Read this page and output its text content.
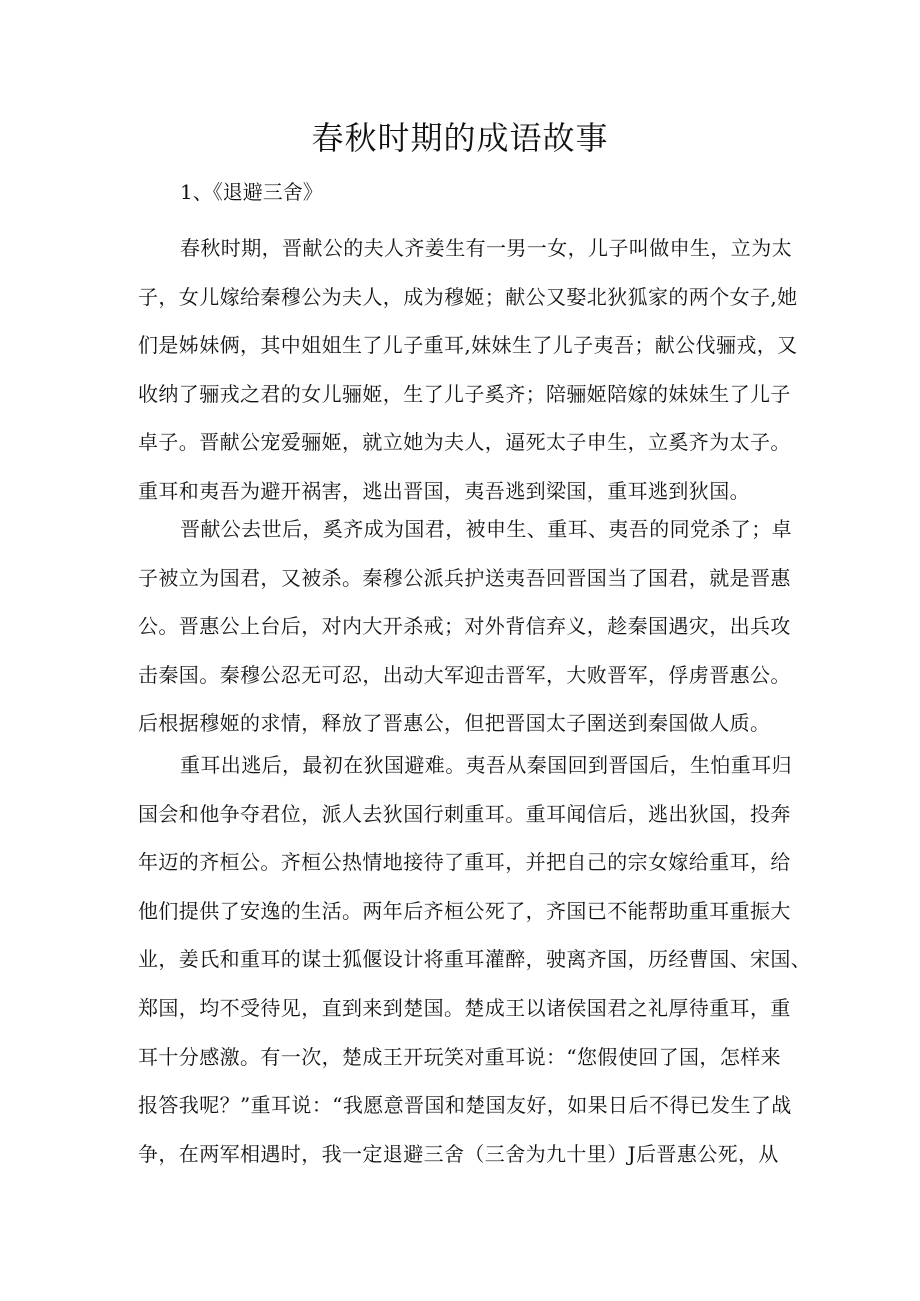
春秋时期的成语故事
1、《退避三舍》
春秋时期，晋献公的夫人齐姜生有一男一女，儿子叫做申生，立为太
子，女儿嫁给秦穆公为夫人，成为穆姬；献公又娶北狄狐家的两个女子,她
们是姊妹俩，其中姐姐生了儿子重耳,妹妹生了儿子夷吾；献公伐骊戎，又
收纳了骊戎之君的女儿骊姬，生了儿子奚齐；陪骊姬陪嫁的妹妹生了儿子
卓子。晋献公宠爱骊姬，就立她为夫人，逼死太子申生，立奚齐为太子。
重耳和夷吾为避开祸害，逃出晋国，夷吾逃到梁国，重耳逃到狄国。
晋献公去世后，奚齐成为国君，被申生、重耳、夷吾的同党杀了；卓
子被立为国君，又被杀。秦穆公派兵护送夷吾回晋国当了国君，就是晋惠
公。晋惠公上台后，对内大开杀戒；对外背信弃义，趁秦国遇灾，出兵攻
击秦国。秦穆公忍无可忍，出动大军迎击晋军，大败晋军，俘虏晋惠公。
后根据穆姬的求情，释放了晋惠公，但把晋国太子圉送到秦国做人质。
重耳出逃后，最初在狄国避难。夷吾从秦国回到晋国后，生怕重耳归
国会和他争夺君位，派人去狄国行刺重耳。重耳闻信后，逃出狄国，投奔
年迈的齐桓公。齐桓公热情地接待了重耳，并把自己的宗女嫁给重耳，给
他们提供了安逸的生活。两年后齐桓公死了，齐国已不能帮助重耳重振大
业，姜氏和重耳的谋士狐偃设计将重耳灌醉，驶离齐国，历经曹国、宋国、
郑国，均不受待见，直到来到楚国。楚成王以诸侯国君之礼厚待重耳，重
耳十分感激。有一次，楚成王开玩笑对重耳说：“您假使回了国，怎样来
报答我呢？”重耳说：“我愿意晋国和楚国友好，如果日后不得已发生了战
争，在两军相遇时，我一定退避三舍（三舍为九十里）J后晋惠公死，从
